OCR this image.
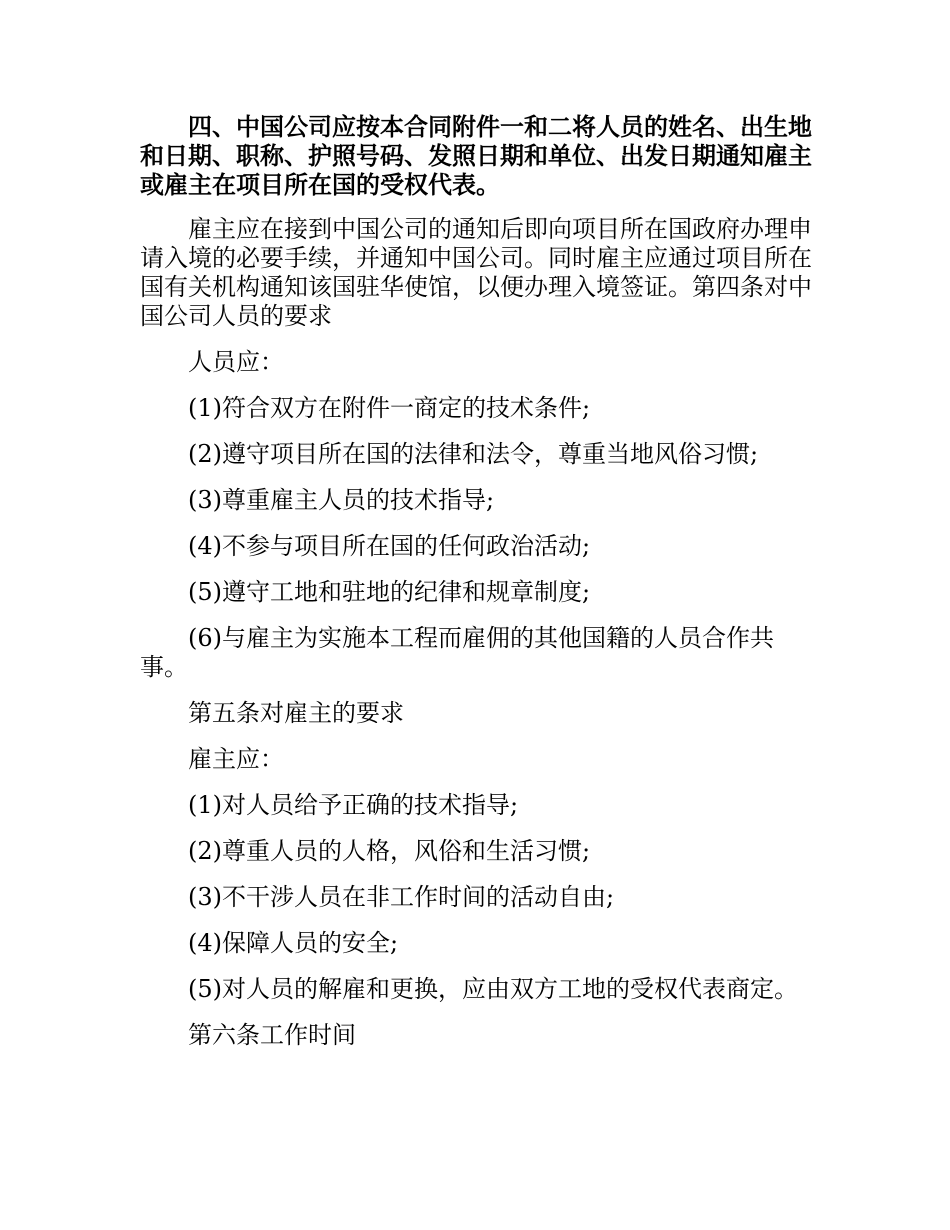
四、中国公司应按本合同附件一和二将人员的姓名、出生地和日期、职称、护照号码、发照日期和单位、出发日期通知雇主或雇主在项目所在国的受权代表。

雇主应在接到中国公司的通知后即向项目所在国政府办理申请入境的必要手续，并通知中国公司。同时雇主应通过项目所在国有关机构通知该国驻华使馆，以便办理入境签证。第四条对中国公司人员的要求

人员应：

(1)符合双方在附件一商定的技术条件;

(2)遵守项目所在国的法律和法令，尊重当地风俗习惯;

(3)尊重雇主人员的技术指导;

(4)不参与项目所在国的任何政治活动;

(5)遵守工地和驻地的纪律和规章制度;

(6)与雇主为实施本工程而雇佣的其他国籍的人员合作共事。

第五条对雇主的要求

雇主应：

(1)对人员给予正确的技术指导;

(2)尊重人员的人格，风俗和生活习惯;

(3)不干涉人员在非工作时间的活动自由;

(4)保障人员的安全;

(5)对人员的解雇和更换，应由双方工地的受权代表商定。

第六条工作时间
